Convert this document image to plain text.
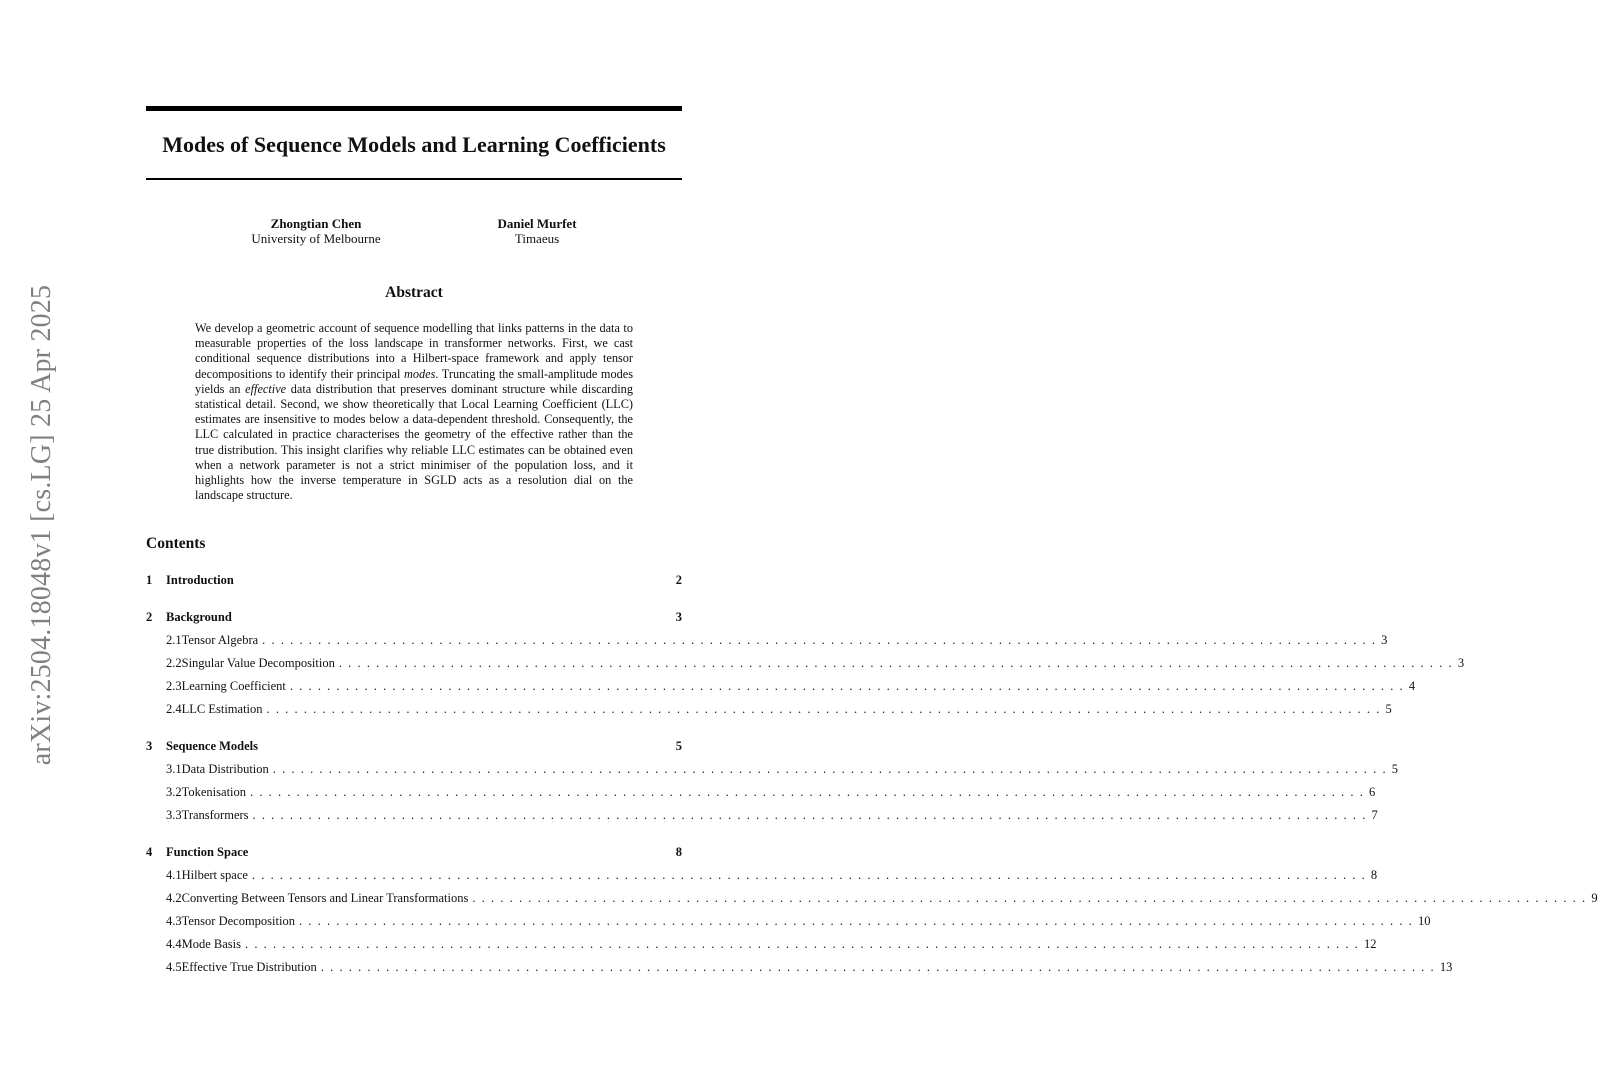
arXiv:2504.18048v1 [cs.LG] 25 Apr 2025
Modes of Sequence Models and Learning Coefficients
Zhongtian Chen
University of Melbourne
Daniel Murfet
Timaeus
Abstract
We develop a geometric account of sequence modelling that links patterns in the data to measurable properties of the loss landscape in transformer networks. First, we cast conditional sequence distributions into a Hilbert-space framework and apply tensor decompositions to identify their principal modes. Truncating the small-amplitude modes yields an effective data distribution that preserves dominant structure while discarding statistical detail. Second, we show theoretically that Local Learning Coefficient (LLC) estimates are insensitive to modes below a data-dependent threshold. Consequently, the LLC calculated in practice characterises the geometry of the effective rather than the true distribution. This insight clarifies why reliable LLC estimates can be obtained even when a network parameter is not a strict minimiser of the population loss, and it highlights how the inverse temperature in SGLD acts as a resolution dial on the landscape structure.
Contents
1	Introduction	2
2	Background	3
2.1 Tensor Algebra ........................................................................................................................ 3
2.2 Singular Value Decomposition ........................................................................................................................ 3
2.3 Learning Coefficient ........................................................................................................................ 4
2.4 LLC Estimation ........................................................................................................................ 5
3	Sequence Models	5
3.1 Data Distribution ........................................................................................................................ 5
3.2 Tokenisation ........................................................................................................................ 6
3.3 Transformers ........................................................................................................................ 7
4	Function Space	8
4.1 Hilbert space ........................................................................................................................ 8
4.2 Converting Between Tensors and Linear Transformations ........................................................................................................................ 9
4.3 Tensor Decomposition ........................................................................................................................ 10
4.4 Mode Basis ........................................................................................................................ 12
4.5 Effective True Distribution ........................................................................................................................ 13
